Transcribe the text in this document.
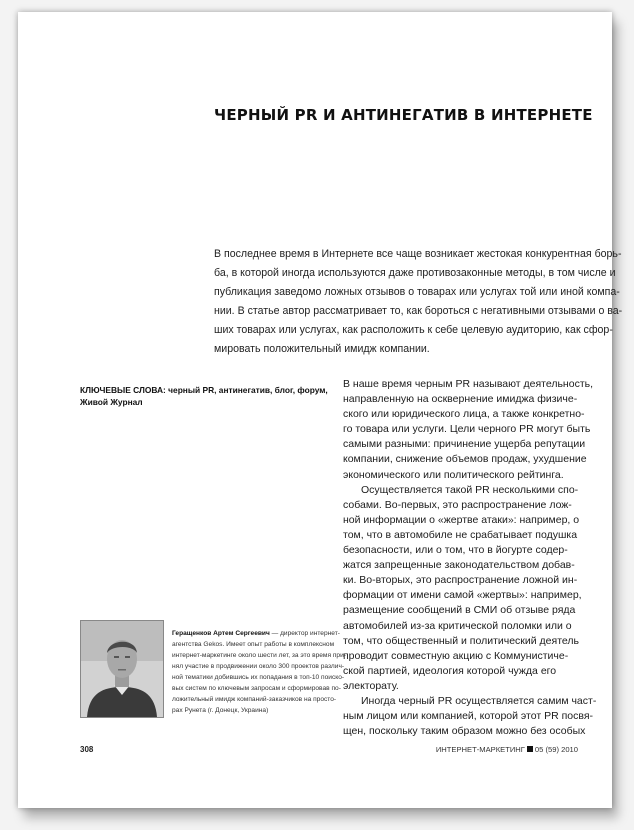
ЧЕРНЫЙ PR И АНТИНЕГАТИВ В ИНТЕРНЕТЕ
В последнее время в Интернете все чаще возникает жестокая конкурентная борь-
ба, в которой иногда используются даже противозаконные методы, в том числе и
публикация заведомо ложных отзывов о товарах или услугах той или иной компа-
нии. В статье автор рассматривает то, как бороться с негативными отзывами о ва-
ших товарах или услугах, как расположить к себе целевую аудиторию, как сфор-
мировать положительный имидж компании.
КЛЮЧЕВЫЕ СЛОВА: черный PR, антинегатив, блог, форум,
Живой Журнал
В наше время черным PR называют деятельность,
направленную на осквернение имиджа физиче-
ского или юридического лица, а также конкретно-
го товара или услуги. Цели черного PR могут быть
самыми разными: причинение ущерба репутации
компании, снижение объемов продаж, ухудшение
экономического или политического рейтинга.
Осуществляется такой PR несколькими спо-
собами. Во-первых, это распространение лож-
ной информации о «жертве атаки»: например, о
том, что в автомобиле не срабатывает подушка
безопасности, или о том, что в йогурте содер-
жатся запрещенные законодательством добав-
ки. Во-вторых, это распространение ложной ин-
формации от имени самой «жертвы»: например,
размещение сообщений в СМИ об отзыве ряда
автомобилей из-за критической поломки или о
том, что общественный и политический деятель
проводит совместную акцию с Коммунистиче-
ской партией, идеология которой чужда его
электорату.
Иногда черный PR осуществляется самим част-
ным лицом или компанией, которой этот PR посвя-
щен, поскольку таким образом можно без особых
Геращенков Артем Сергеевич — директор интернет-
агентства Gekos. Имеет опыт работы в комплексном
интернет-маркетинге около шести лет, за это время при-
нял участие в продвижении около 300 проектов различ-
ной тематики добившись их попадания в топ-10 поиско-
вых систем по ключевым запросам и сформировав по-
ложительный имидж компаний-заказчиков на просто-
рах Рунета (г. Донецк, Украина)
308	ИНТЕРНЕТ-МАРКЕТИНГ 05 (59) 2010
